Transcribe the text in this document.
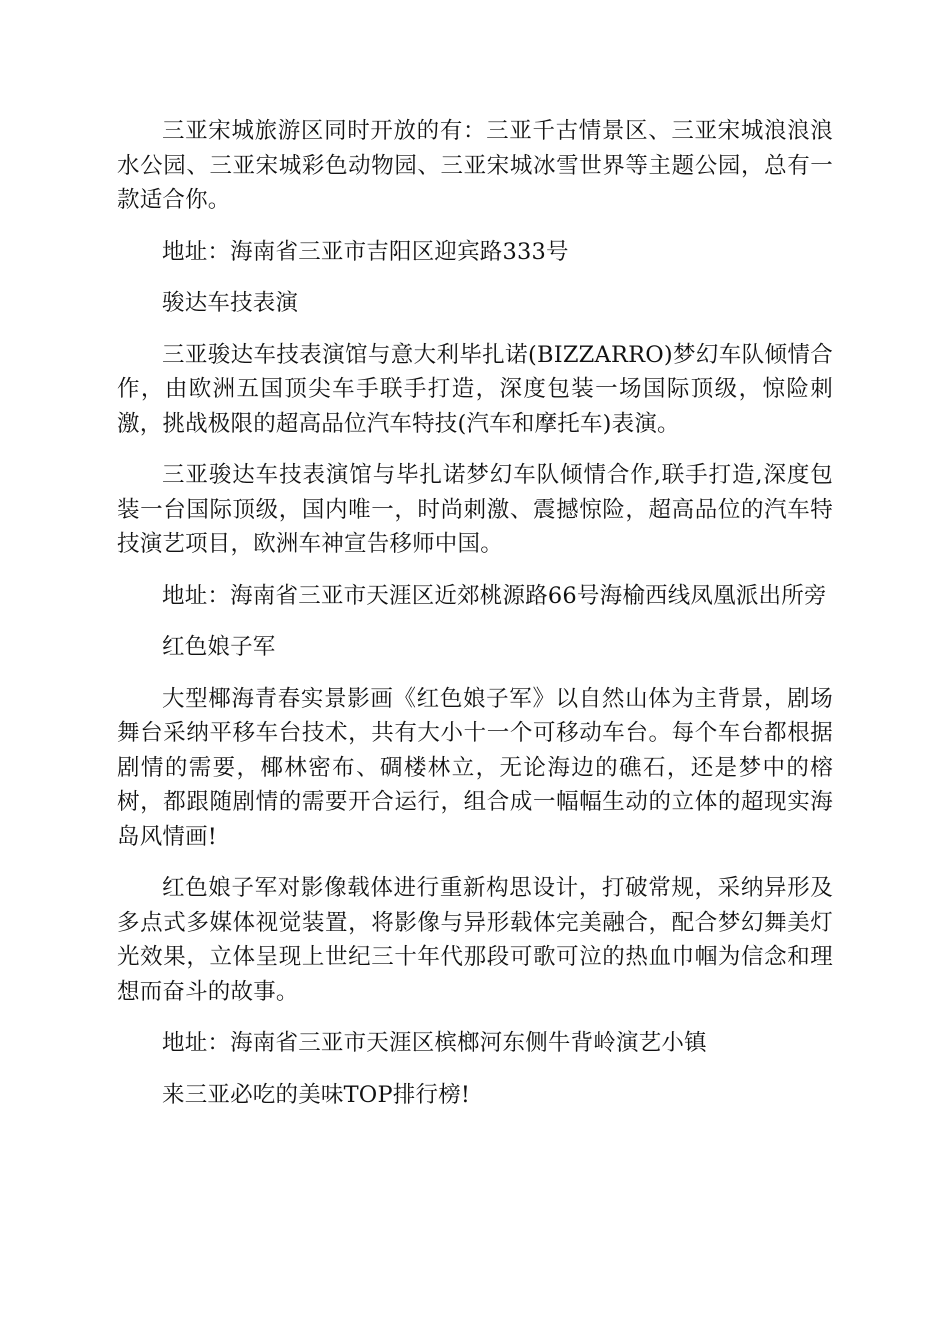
三亚宋城旅游区同时开放的有：三亚千古情景区、三亚宋城浪浪浪水公园、三亚宋城彩色动物园、三亚宋城冰雪世界等主题公园，总有一款适合你。

地址：海南省三亚市吉阳区迎宾路333号

骏达车技表演

三亚骏达车技表演馆与意大利毕扎诺(BIZZARRO)梦幻车队倾情合作，由欧洲五国顶尖车手联手打造，深度包装一场国际顶级，惊险刺激，挑战极限的超高品位汽车特技(汽车和摩托车)表演。

三亚骏达车技表演馆与毕扎诺梦幻车队倾情合作,联手打造,深度包装一台国际顶级，国内唯一，时尚刺激、震撼惊险，超高品位的汽车特技演艺项目，欧洲车神宣告移师中国。

地址：海南省三亚市天涯区近郊桃源路66号海榆西线凤凰派出所旁

红色娘子军

大型椰海青春实景影画《红色娘子军》以自然山体为主背景，剧场舞台采纳平移车台技术，共有大小十一个可移动车台。每个车台都根据剧情的需要，椰林密布、碉楼林立，无论海边的礁石，还是梦中的榕树，都跟随剧情的需要开合运行，组合成一幅幅生动的立体的超现实海岛风情画!

红色娘子军对影像载体进行重新构思设计，打破常规，采纳异形及多点式多媒体视觉装置，将影像与异形载体完美融合，配合梦幻舞美灯光效果，立体呈现上世纪三十年代那段可歌可泣的热血巾帼为信念和理想而奋斗的故事。

地址：海南省三亚市天涯区槟榔河东侧牛背岭演艺小镇

来三亚必吃的美味TOP排行榜!
